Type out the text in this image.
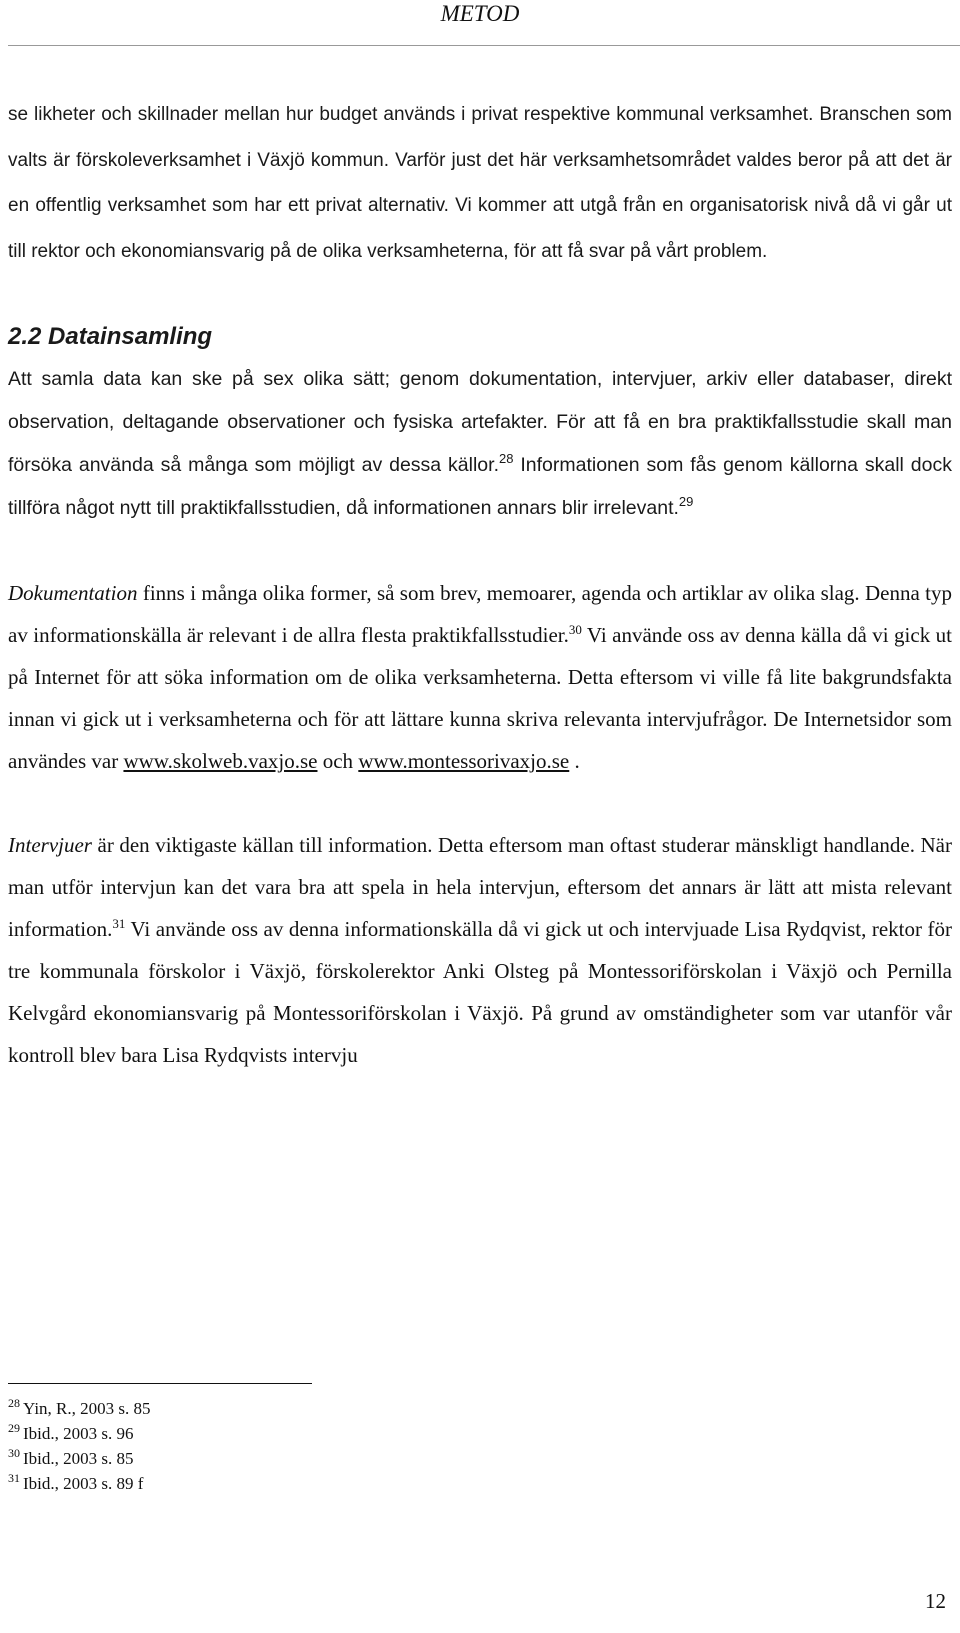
METOD

se likheter och skillnader mellan hur budget används i privat respektive kommunal verksamhet. Branschen som valts är förskoleverksamhet i Växjö kommun. Varför just det här verksamhetsområdet valdes beror på att det är en offentlig verksamhet som har ett privat alternativ. Vi kommer att utgå från en organisatorisk nivå då vi går ut till rektor och ekonomiansvarig på de olika verksamheterna, för att få svar på vårt problem.

2.2 Datainsamling

Att samla data kan ske på sex olika sätt; genom dokumentation, intervjuer, arkiv eller databaser, direkt observation, deltagande observationer och fysiska artefakter. För att få en bra praktikfallsstudie skall man försöka använda så många som möjligt av dessa källor.$^{28}$ Informationen som fås genom källorna skall dock tillföra något nytt till praktikfallsstudien, då informationen annars blir irrelevant.$^{29}$

Dokumentation finns i många olika former, så som brev, memoarer, agenda och artiklar av olika slag. Denna typ av informationskälla är relevant i de allra flesta praktikfallsstudier.$^{30}$ Vi använde oss av denna källa då vi gick ut på Internet för att söka information om de olika verksamheterna. Detta eftersom vi ville få lite bakgrundsfakta innan vi gick ut i verksamheterna och för att lättare kunna skriva relevanta intervjufrågor. De Internetsidor som användes var www.skolweb.vaxjo.se och www.montessorivaxjo.se .

Intervjuer är den viktigaste källan till information. Detta eftersom man oftast studerar mänskligt handlande. När man utför intervjun kan det vara bra att spela in hela intervjun, eftersom det annars är lätt att mista relevant information.$^{31}$ Vi använde oss av denna informationskälla då vi gick ut och intervjuade Lisa Rydqvist, rektor för tre kommunala förskolor i Växjö, förskolerektor Anki Olsteg på Montessoriförskolan i Växjö och Pernilla Kelvgård ekonomiansvarig på Montessoriförskolan i Växjö. På grund av omständigheter som var utanför vår kontroll blev bara Lisa Rydqvists intervju

$^{28}$ Yin, R., 2003 s. 85

$^{29}$ Ibid., 2003 s. 96

$^{30}$ Ibid., 2003 s. 85

$^{31}$ Ibid., 2003 s. 89 f

12
